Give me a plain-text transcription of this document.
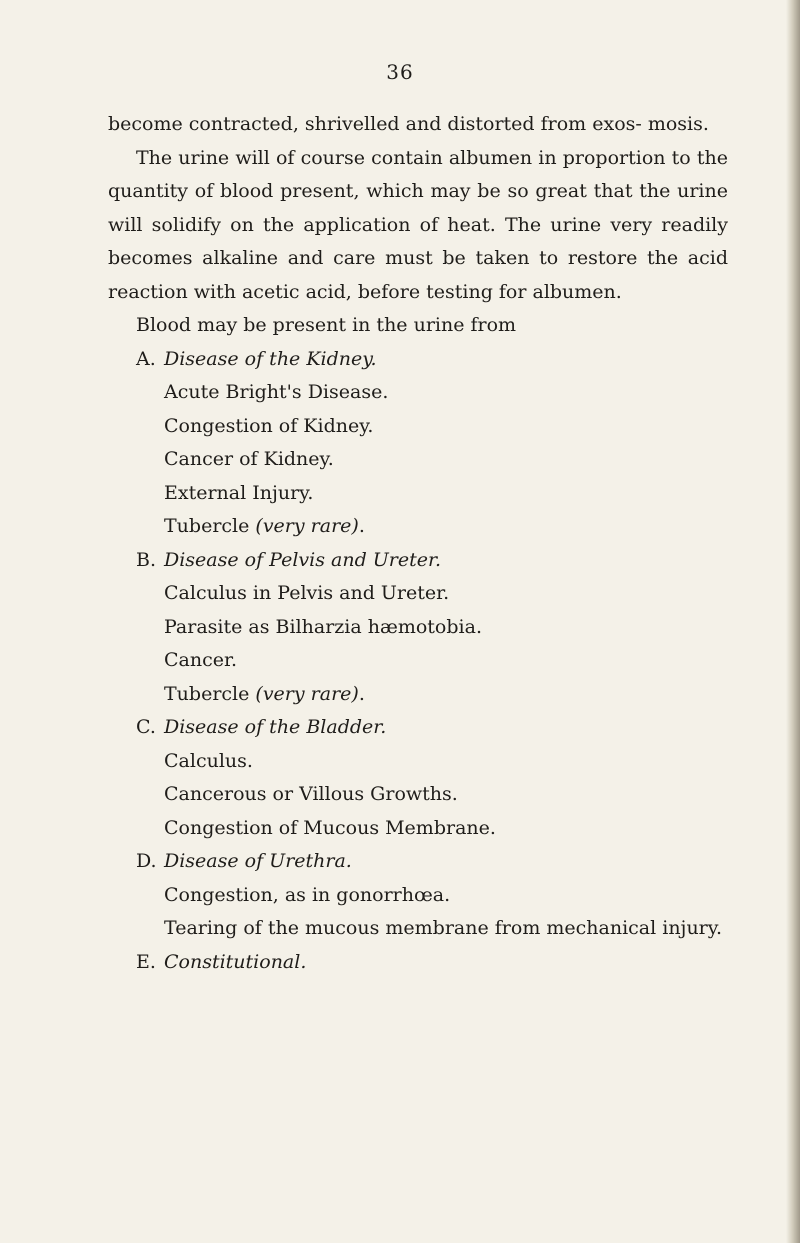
36

become contracted, shrivelled and distorted from exos- mosis.

The urine will of course contain albumen in proportion to the quantity of blood present, which may be so great that the urine will solidify on the application of heat. The urine very readily becomes alkaline and care must be taken to restore the acid reaction with acetic acid, before testing for albumen.

Blood may be present in the urine from

A. Disease of the Kidney.

Acute Bright's Disease.

Congestion of Kidney.

Cancer of Kidney.

External Injury.

Tubercle (very rare).

B. Disease of Pelvis and Ureter.

Calculus in Pelvis and Ureter.

Parasite as Bilharzia hæmotobia.

Cancer.

Tubercle (very rare).

C. Disease of the Bladder.

Calculus.

Cancerous or Villous Growths.

Congestion of Mucous Membrane.

D. Disease of Urethra.

Congestion, as in gonorrhœa.

Tearing of the mucous membrane from mechanical injury.

E. Constitutional.
